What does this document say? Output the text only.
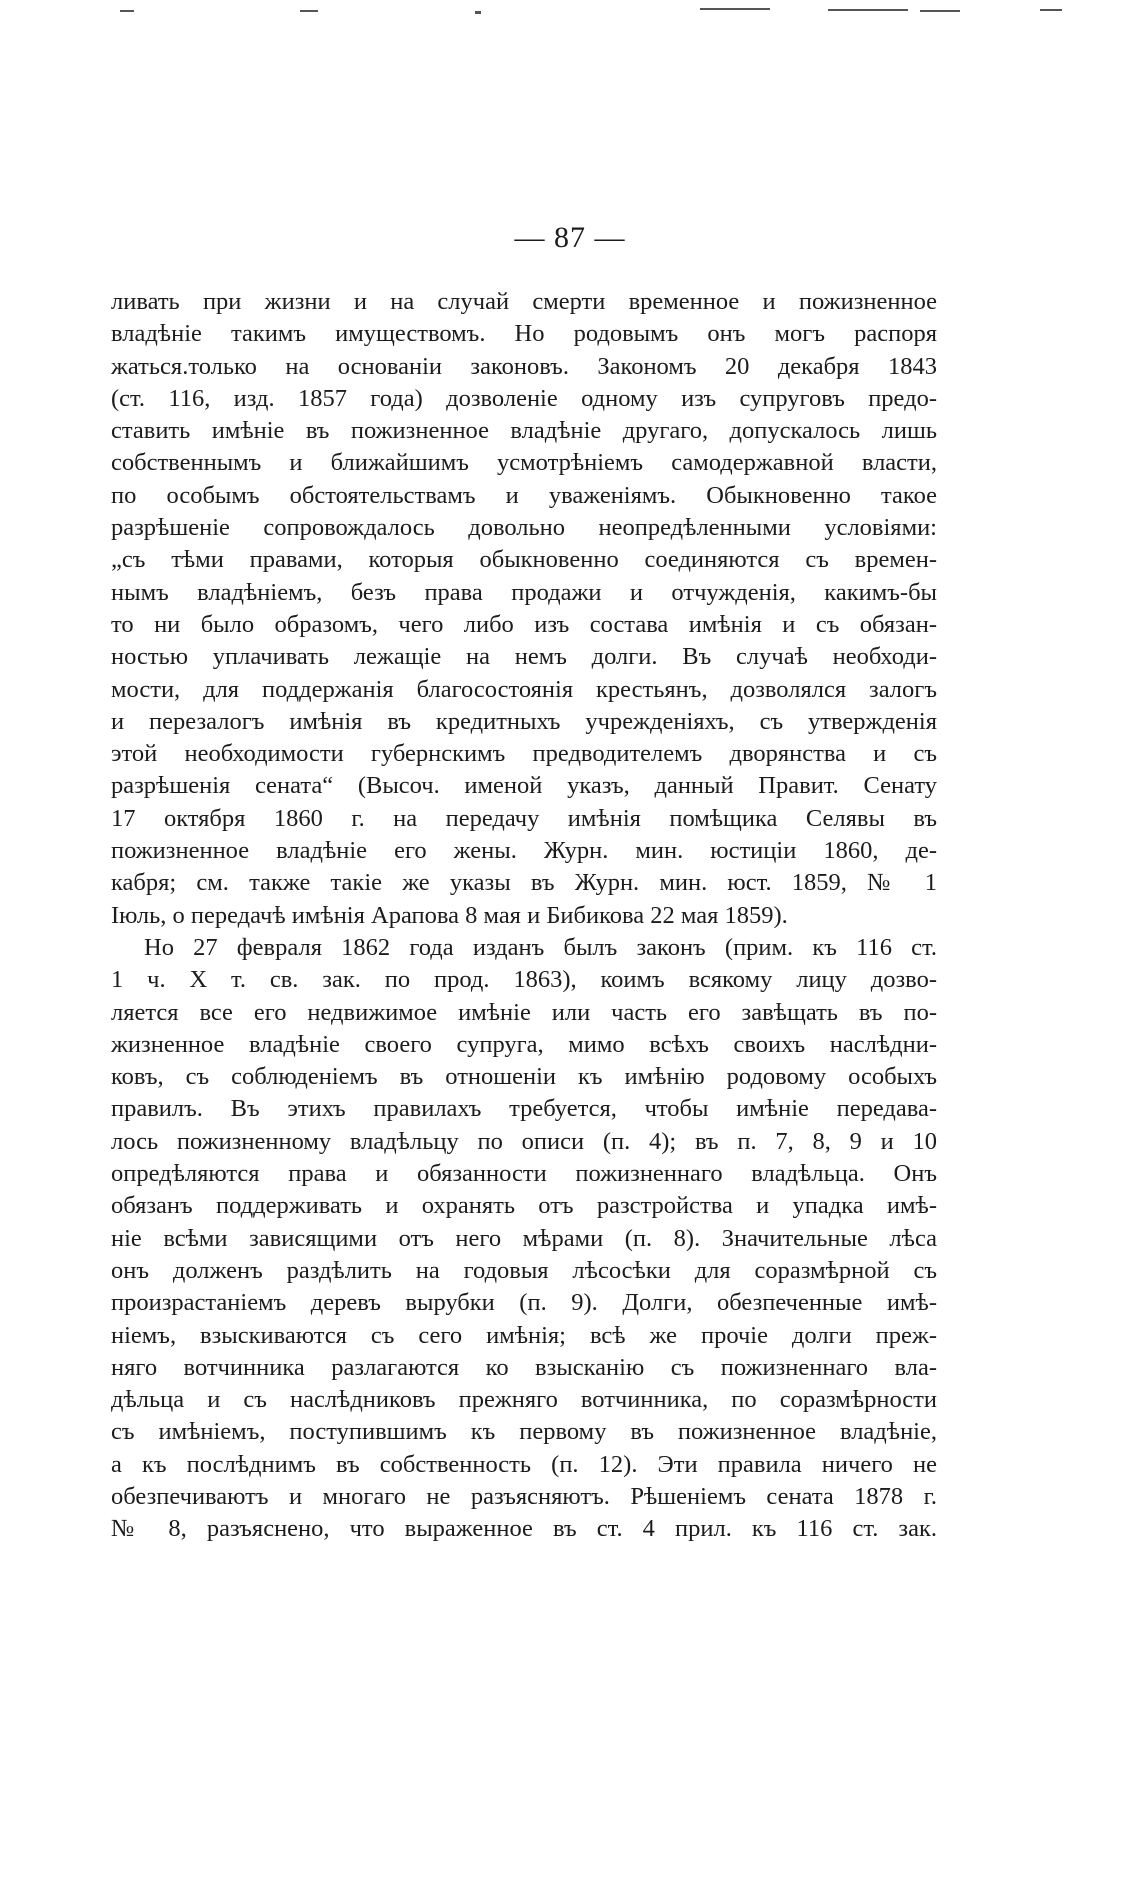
— 87 —
ливать при жизни и на случай смерти временное и пожизненное
владѣніе такимъ имуществомъ. Но родовымъ онъ могъ распоря
жаться.только на основаніи законовъ. Закономъ 20 декабря 1843
(ст. 116, изд. 1857 года) дозволеніе одному изъ супруговъ предо-
ставить имѣніе въ пожизненное владѣніе другаго, допускалось лишь
собственнымъ и ближайшимъ усмотрѣніемъ самодержавной власти,
по особымъ обстоятельствамъ и уваженіямъ. Обыкновенно такое
разрѣшеніе сопровождалось довольно неопредѣленными условіями:
„съ тѣми правами, которыя обыкновенно соединяются съ времен-
нымъ владѣніемъ, безъ права продажи и отчужденія, какимъ-бы
то ни было образомъ, чего либо изъ состава имѣнія и съ обязан-
ностью уплачивать лежащіе на немъ долги. Въ случаѣ необходи-
мости, для поддержанія благосостоянія крестьянъ, дозволялся залогъ
и перезалогъ имѣнія въ кредитныхъ учрежденіяхъ, съ утвержденія
этой необходимости губернскимъ предводителемъ дворянства и съ
разрѣшенія сената“ (Высоч. именой указъ, данный Правит. Сенату
17 октября 1860 г. на передачу имѣнія помѣщика Селявы въ
пожизненное владѣніе его жены. Журн. мин. юстиціи 1860, де-
кабря; см. также такіе же указы въ Журн. мин. юст. 1859, № 1
Іюль, о передачѣ имѣнія Арапова 8 мая и Бибикова 22 мая 1859).
Но 27 февраля 1862 года изданъ былъ законъ (прим. къ 116 ст.
1 ч. X т. св. зак. по прод. 1863), коимъ всякому лицу дозво-
ляется все его недвижимое имѣніе или часть его завѣщать въ по-
жизненное владѣніе своего супруга, мимо всѣхъ своихъ наслѣдни-
ковъ, съ соблюденіемъ въ отношеніи къ имѣнію родовому особыхъ
правилъ. Въ этихъ правилахъ требуется, чтобы имѣніе передава-
лось пожизненному владѣльцу по описи (п. 4); въ п. 7, 8, 9 и 10
опредѣляются права и обязанности пожизненнаго владѣльца. Онъ
обязанъ поддерживать и охранять отъ разстройства и упадка имѣ-
ніе всѣми зависящими отъ него мѣрами (п. 8). Значительные лѣса
онъ долженъ раздѣлить на годовыя лѣсосѣки для соразмѣрной съ
произрастаніемъ деревъ вырубки (п. 9). Долги, обезпеченные имѣ-
ніемъ, взыскиваются съ сего имѣнія; всѣ же прочіе долги преж-
няго вотчинника разлагаются ко взысканію съ пожизненнаго вла-
дѣльца и съ наслѣдниковъ прежняго вотчинника, по соразмѣрности
съ имѣніемъ, поступившимъ къ первому въ пожизненное владѣніе,
а къ послѣднимъ въ собственность (п. 12). Эти правила ничего не
обезпечиваютъ и многаго не разъясняютъ. Рѣшеніемъ сената 1878 г.
№ 8, разъяснено, что выраженное въ ст. 4 прил. къ 116 ст. зак.
